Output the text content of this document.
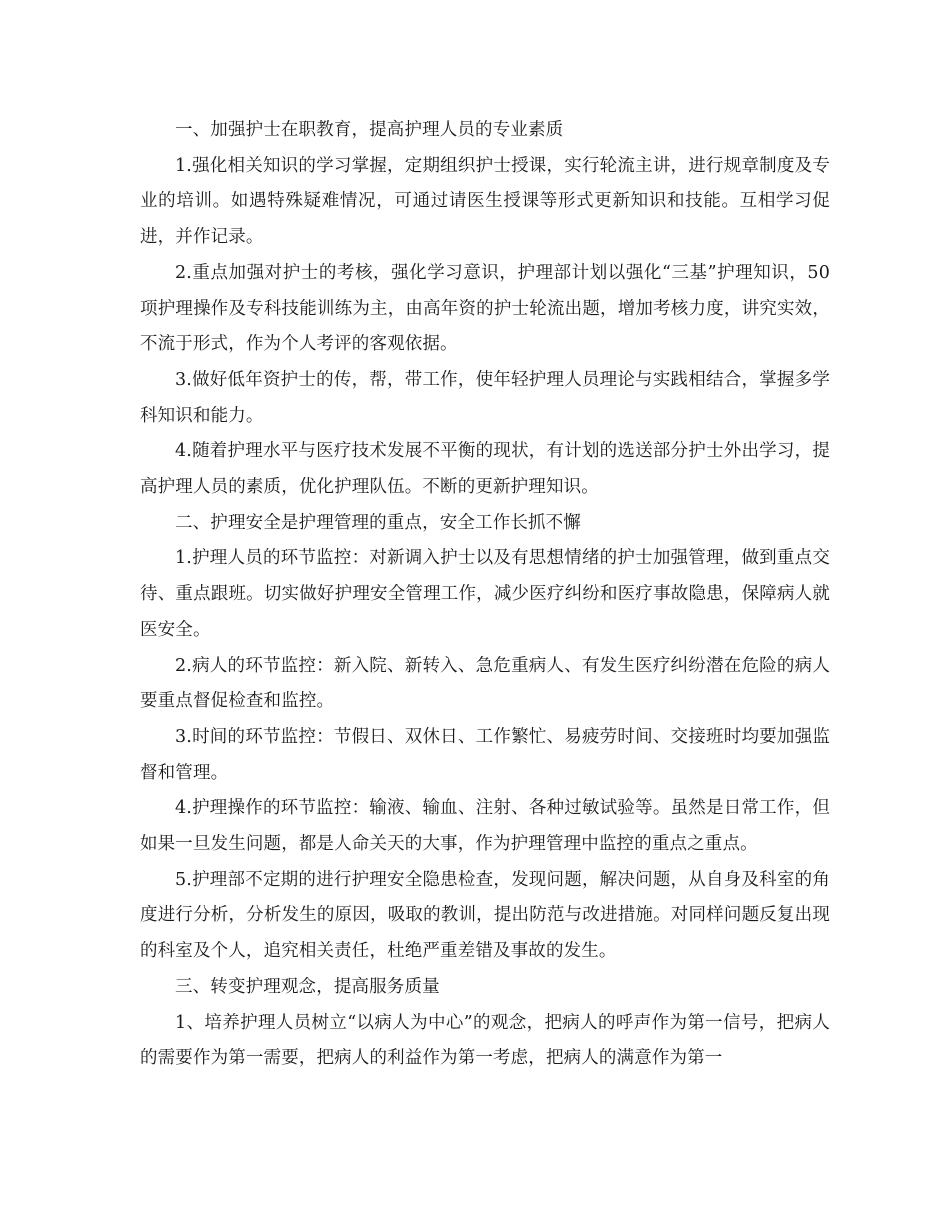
一、加强护士在职教育，提高护理人员的专业素质

1.强化相关知识的学习掌握，定期组织护士授课，实行轮流主讲，进行规章制度及专业的培训。如遇特殊疑难情况，可通过请医生授课等形式更新知识和技能。互相学习促进，并作记录。

2.重点加强对护士的考核，强化学习意识，护理部计划以强化“三基”护理知识，50项护理操作及专科技能训练为主，由高年资的护士轮流出题，增加考核力度，讲究实效，不流于形式，作为个人考评的客观依据。

3.做好低年资护士的传，帮，带工作，使年轻护理人员理论与实践相结合，掌握多学科知识和能力。

4.随着护理水平与医疗技术发展不平衡的现状，有计划的选送部分护士外出学习，提高护理人员的素质，优化护理队伍。不断的更新护理知识。

二、护理安全是护理管理的重点，安全工作长抓不懈

1.护理人员的环节监控：对新调入护士以及有思想情绪的护士加强管理，做到重点交待、重点跟班。切实做好护理安全管理工作，减少医疗纠纷和医疗事故隐患，保障病人就医安全。

2.病人的环节监控：新入院、新转入、急危重病人、有发生医疗纠纷潜在危险的病人要重点督促检查和监控。

3.时间的环节监控：节假日、双休日、工作繁忙、易疲劳时间、交接班时均要加强监督和管理。

4.护理操作的环节监控：输液、输血、注射、各种过敏试验等。虽然是日常工作，但如果一旦发生问题，都是人命关天的大事，作为护理管理中监控的重点之重点。

5.护理部不定期的进行护理安全隐患检查，发现问题，解决问题，从自身及科室的角度进行分析，分析发生的原因，吸取的教训，提出防范与改进措施。对同样问题反复出现的科室及个人，追究相关责任，杜绝严重差错及事故的发生。

三、转变护理观念，提高服务质量

1、培养护理人员树立“以病人为中心”的观念，把病人的呼声作为第一信号，把病人的需要作为第一需要，把病人的利益作为第一考虑，把病人的满意作为第一
